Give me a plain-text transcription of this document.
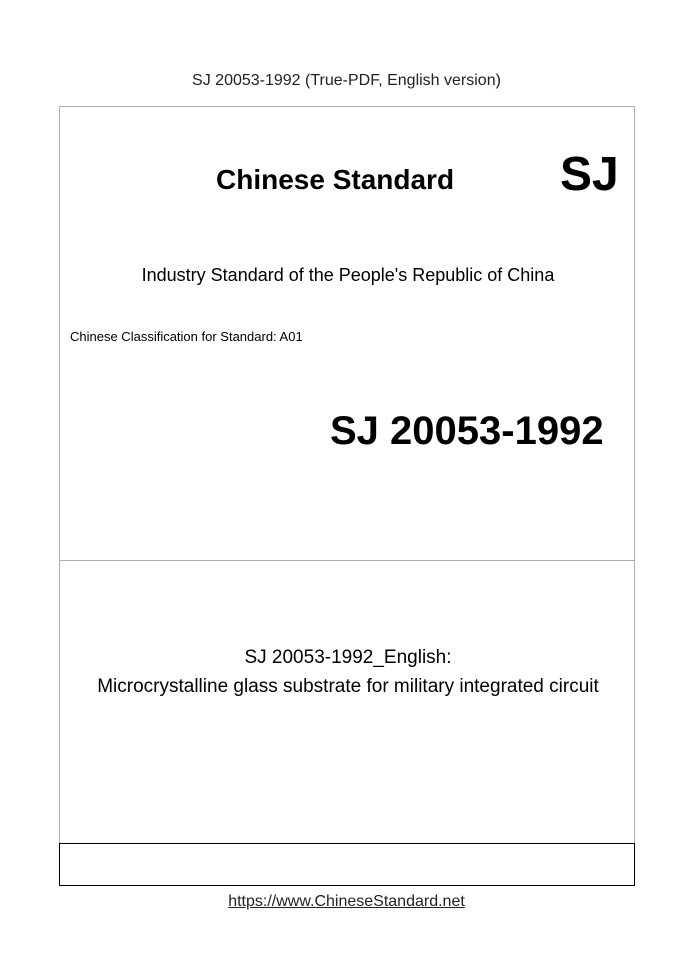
SJ 20053-1992 (True-PDF, English version)
Chinese Standard SJ
Industry Standard of the People's Republic of China
Chinese Classification for Standard: A01
SJ 20053-1992
SJ 20053-1992_English:
Microcrystalline glass substrate for military integrated circuit
https://www.ChineseStandard.net
